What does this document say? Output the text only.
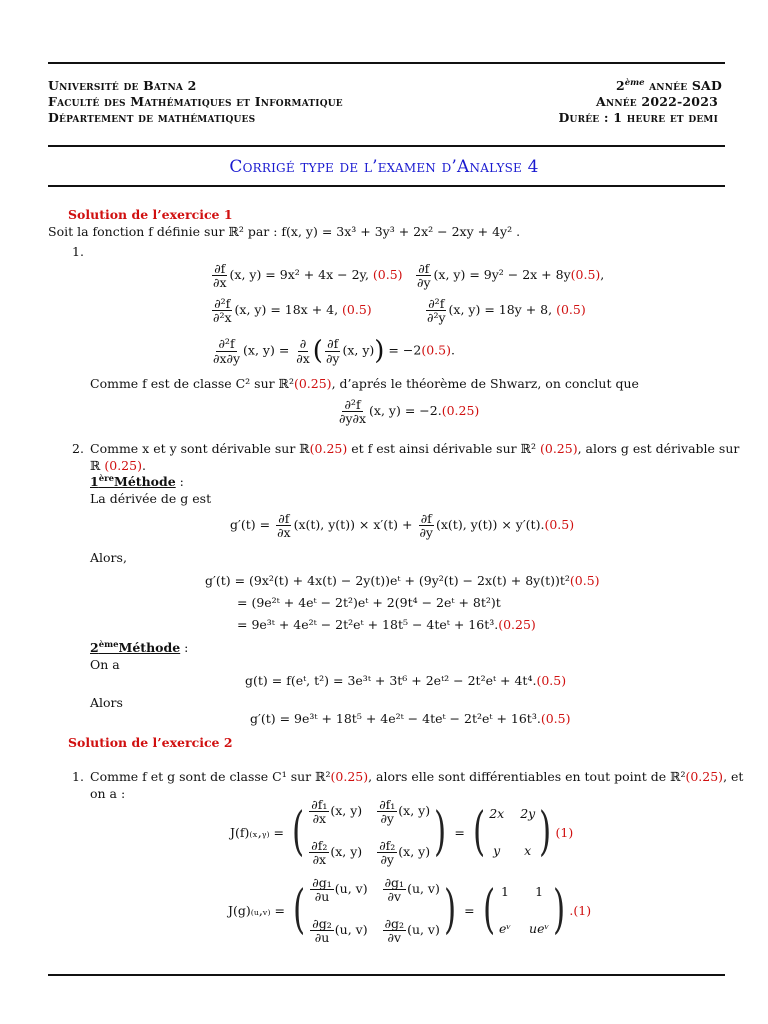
Université de Batna 2
Faculté des Mathématiques et Informatique
Département de mathématiques
2ème année SAD
Année 2022-2023
Durée : 1 heure et demi
Corrigé type de l’examen d’Analyse 4
Solution de l’exercice 1
Soit la fonction f définie sur ℝ² par : f(x, y) = 3x³ + 3y³ + 2x² − 2xy + 4y² .
1.
$\frac{\partial f}{\partial x} (x$, y) = 9x² + 4x − 2y, $(0.5) \frac{\partial f}{\partial y} (x$, y) = 9y² − 2x + 8y(0.5),
$\frac{\text{∂²f}}{\text{∂²x}} (x$, y) = 18x + 4, (0.5)	$\frac{\text{∂²f}}{\text{∂²y}} (x$, y) = 18y + 8, (0.5)
$\frac{\text{∂²f}}{\partial x\partial y} (x$, $y) = \frac{\partial}{\partial x}$ ( $\frac{\partial f}{\partial y} (x$, y)) = −2(0.5).
Comme f est de classe C² sur ℝ²(0.25), d’aprés le théorème de Shwarz, on conclut que
$\frac{\text{∂²f}}{\partial y\partial x} (x$, y) = −2.(0.25)
2. Comme x et y sont dérivable sur ℝ(0.25) et f est ainsi dérivable sur ℝ² (0.25), alors g est dérivable sur
ℝ (0.25).
1èreMéthode :
La dérivée de g est
$g'(t) = \frac{\partial f}{\partial x} (x(t)$, $y(t)) \times x'(t) + \frac{\partial f}{\partial y} (x(t)$, y(t)) × y′(t).(0.5)
Alors,
g′(t) = (9x²(t) + 4x(t) − 2y(t))eᵗ + (9y²(t) − 2x(t) + 8y(t))t²(0.5)
= (9e²ᵗ + 4eᵗ − 2t²)eᵗ + 2(9t⁴ − 2eᵗ + 8t²)t
= 9e³ᵗ + 4e²ᵗ − 2t²eᵗ + 18t⁵ − 4teᵗ + 16t³.(0.25)
2èmeMéthode :
On a
g(t) = f(eᵗ, t²) = 3e³ᵗ + 3t⁶ + 2eᵗ² − 2t²eᵗ + 4t⁴.(0.5)
Alors
g′(t) = 9e³ᵗ + 18t⁵ + 4e²ᵗ − 4teᵗ − 2t²eᵗ + 16t³.(0.5)
Solution de l’exercice 2
1. Comme f et g sont de classe C¹ sur ℝ²(0.25), alors elle sont différentiables en tout point de ℝ²(0.25), et
on a :
J(f)₍ₓ,ᵧ₎ = ( $\frac{\text{∂f₁}}{\partial x} (x$, $y) \frac{\text{∂f₁}}{\partial y} (x$, y)
$\frac{\text{∂f₂}}{\partial x} (x$, $y) \frac{\text{∂f₂}}{\partial y} (x$, y) ) = ( 2x 2y
y x ) (1)
J(g)₍ᵤ,ᵥ₎ = ( $\frac{\text{∂g₁}}{\partial u} (u$, $v) \frac{\text{∂g₁}}{\partial v} (u$, v)
$\frac{\text{∂g₂}}{\partial u} (u$, $v) \frac{\text{∂g₂}}{\partial v} (u$, v) ) = ( 1 1
eᵛ ueᵛ ) .(1)
